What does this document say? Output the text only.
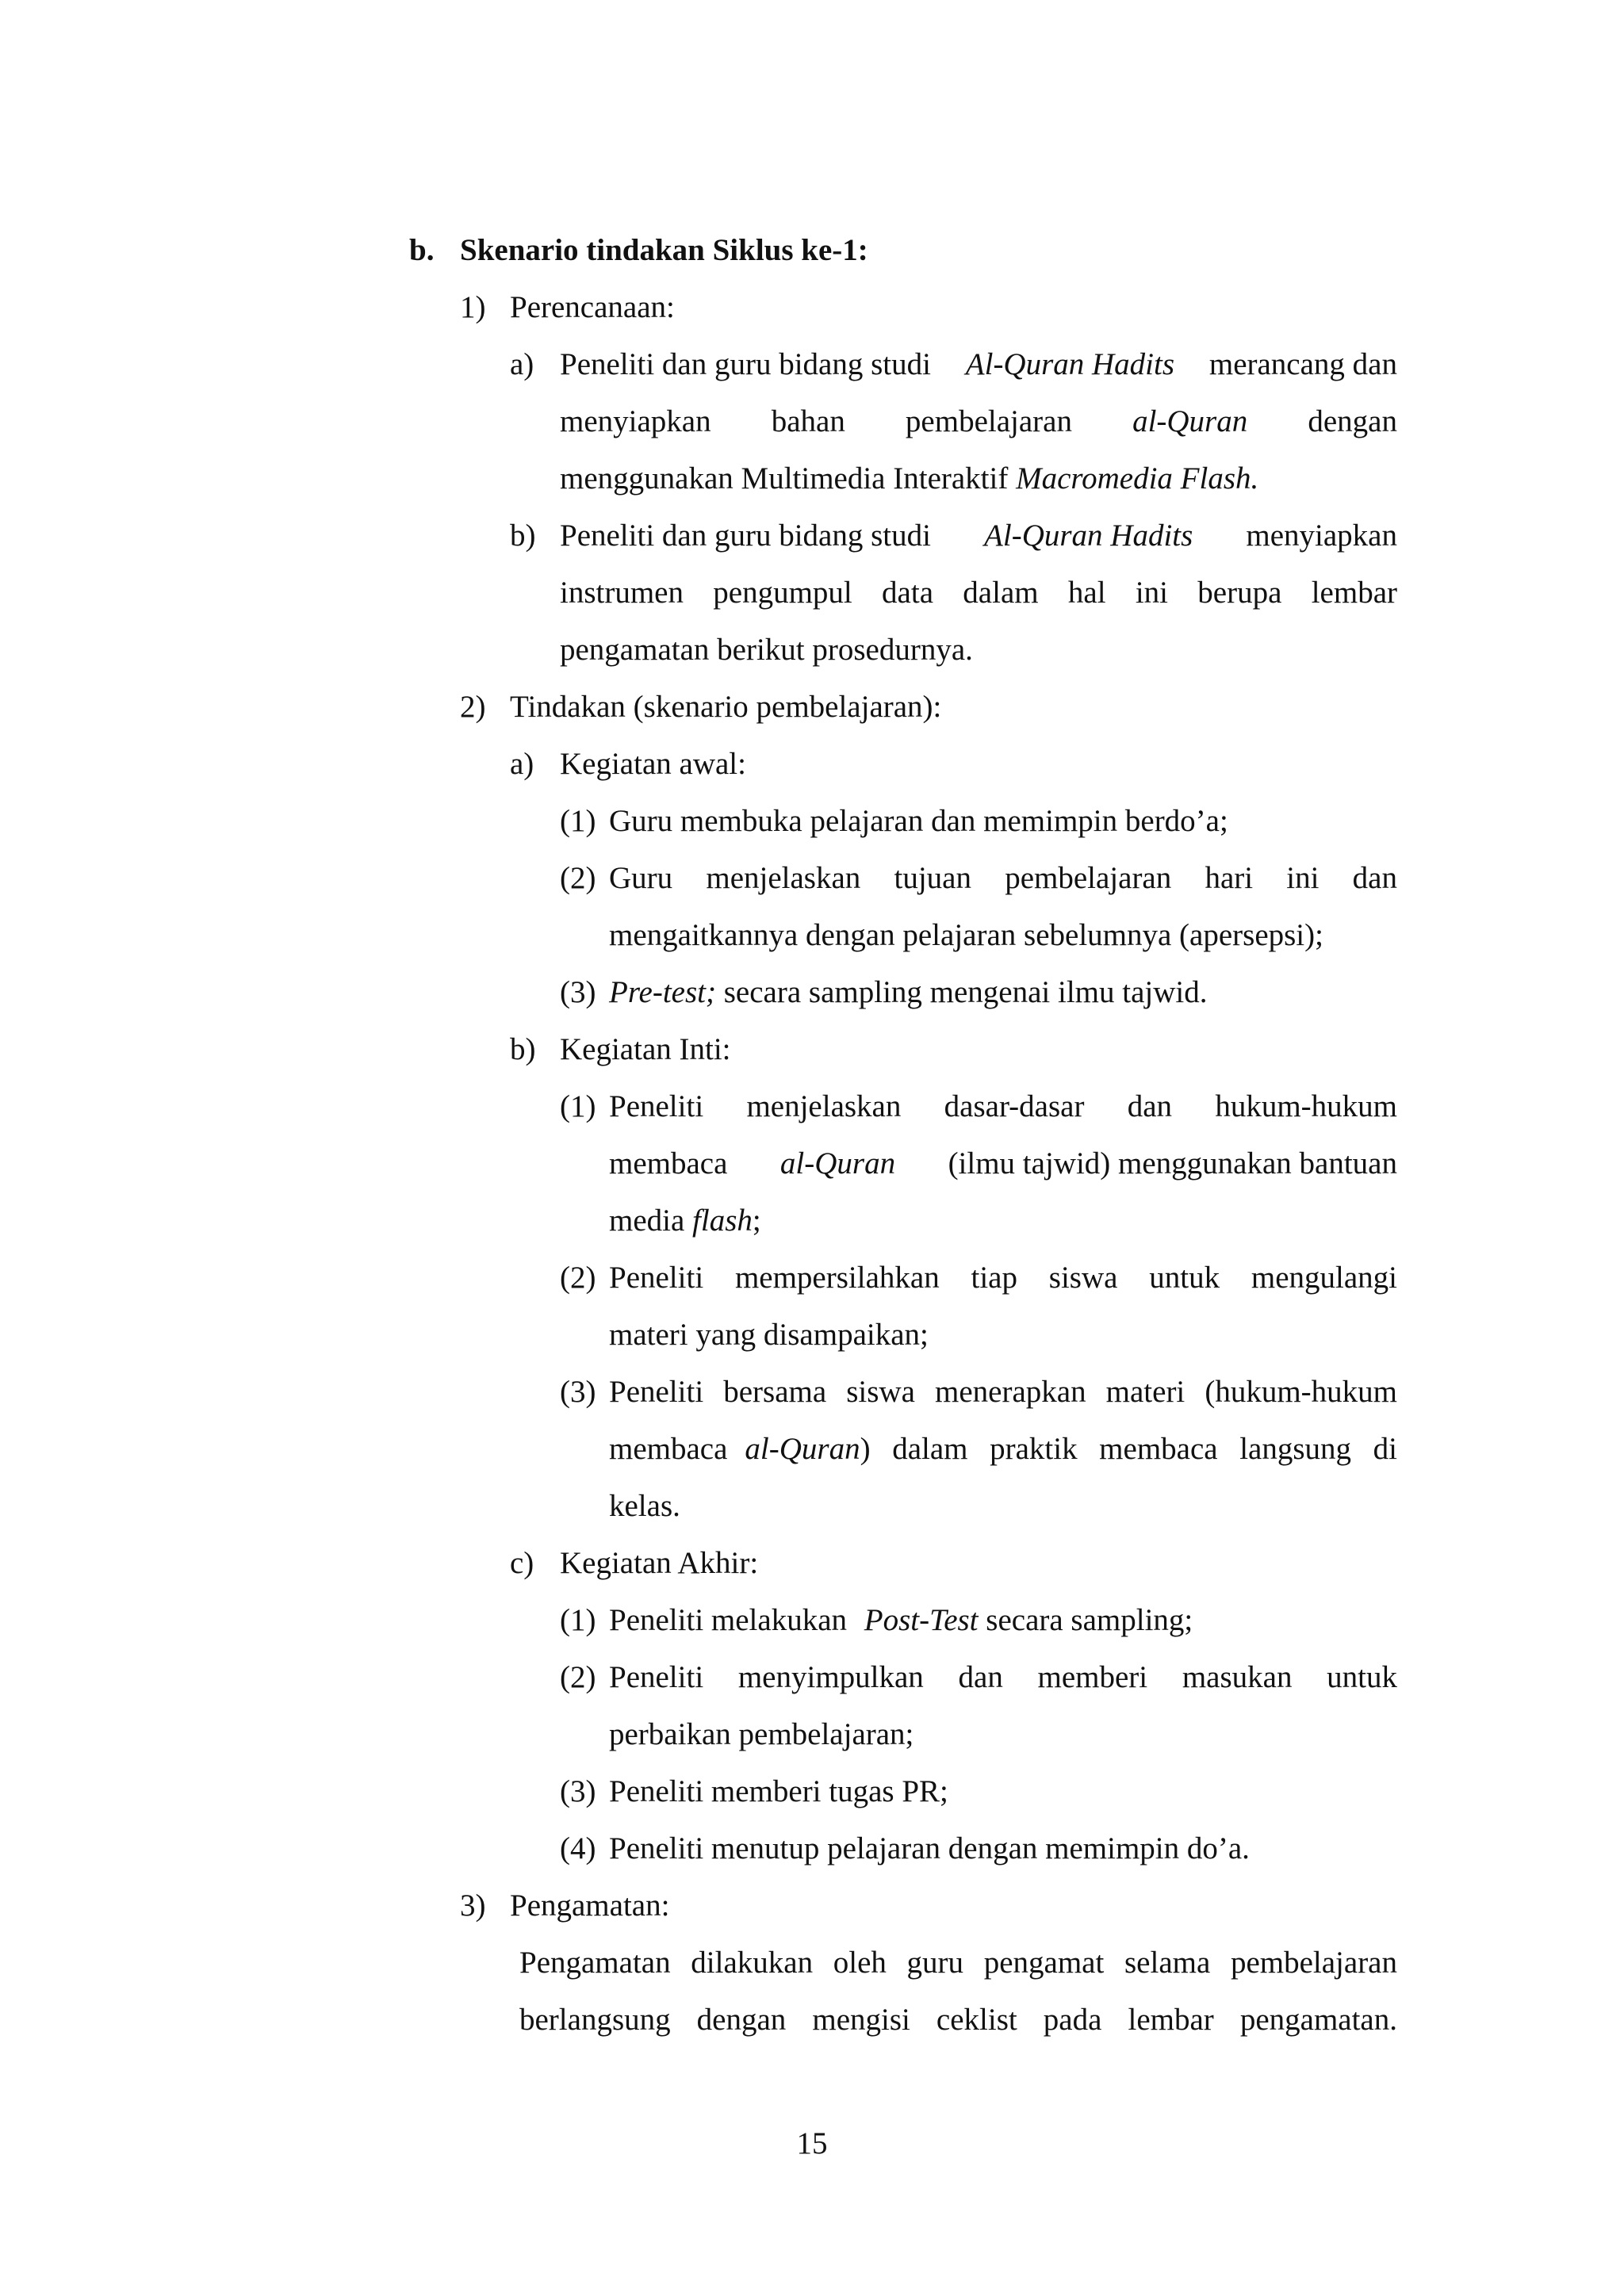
b. Skenario tindakan Siklus ke-1:
1) Perencanaan:
a) Peneliti dan guru bidang studi Al-Quran Hadits merancang dan
menyiapkan bahan pembelajaran al-Quran dengan
menggunakan Multimedia Interaktif Macromedia Flash.
b) Peneliti dan guru bidang studi Al-Quran Hadits menyiapkan
instrumen pengumpul data dalam hal ini berupa lembar
pengamatan berikut prosedurnya.
2) Tindakan (skenario pembelajaran):
a) Kegiatan awal:
(1) Guru membuka pelajaran dan memimpin berdo’a;
(2) Guru menjelaskan tujuan pembelajaran hari ini dan
mengaitkannya dengan pelajaran sebelumnya (apersepsi);
(3) Pre-test; secara sampling mengenai ilmu tajwid.
b) Kegiatan Inti:
(1) Peneliti menjelaskan dasar-dasar dan hukum-hukum
membaca al-Quran (ilmu tajwid) menggunakan bantuan
media flash;
(2) Peneliti mempersilahkan tiap siswa untuk mengulangi
materi yang disampaikan;
(3) Peneliti bersama siswa menerapkan materi (hukum-hukum
membaca al-Quran ) dalam praktik membaca langsung di
kelas.
c) Kegiatan Akhir:
(1) Peneliti melakukan Post-Test secara sampling;
(2) Peneliti menyimpulkan dan memberi masukan untuk
perbaikan pembelajaran;
(3) Peneliti memberi tugas PR;
(4) Peneliti menutup pelajaran dengan memimpin do’a.
3) Pengamatan:
Pengamatan dilakukan oleh guru pengamat selama pembelajaran
berlangsung dengan mengisi ceklist pada lembar pengamatan.
15
